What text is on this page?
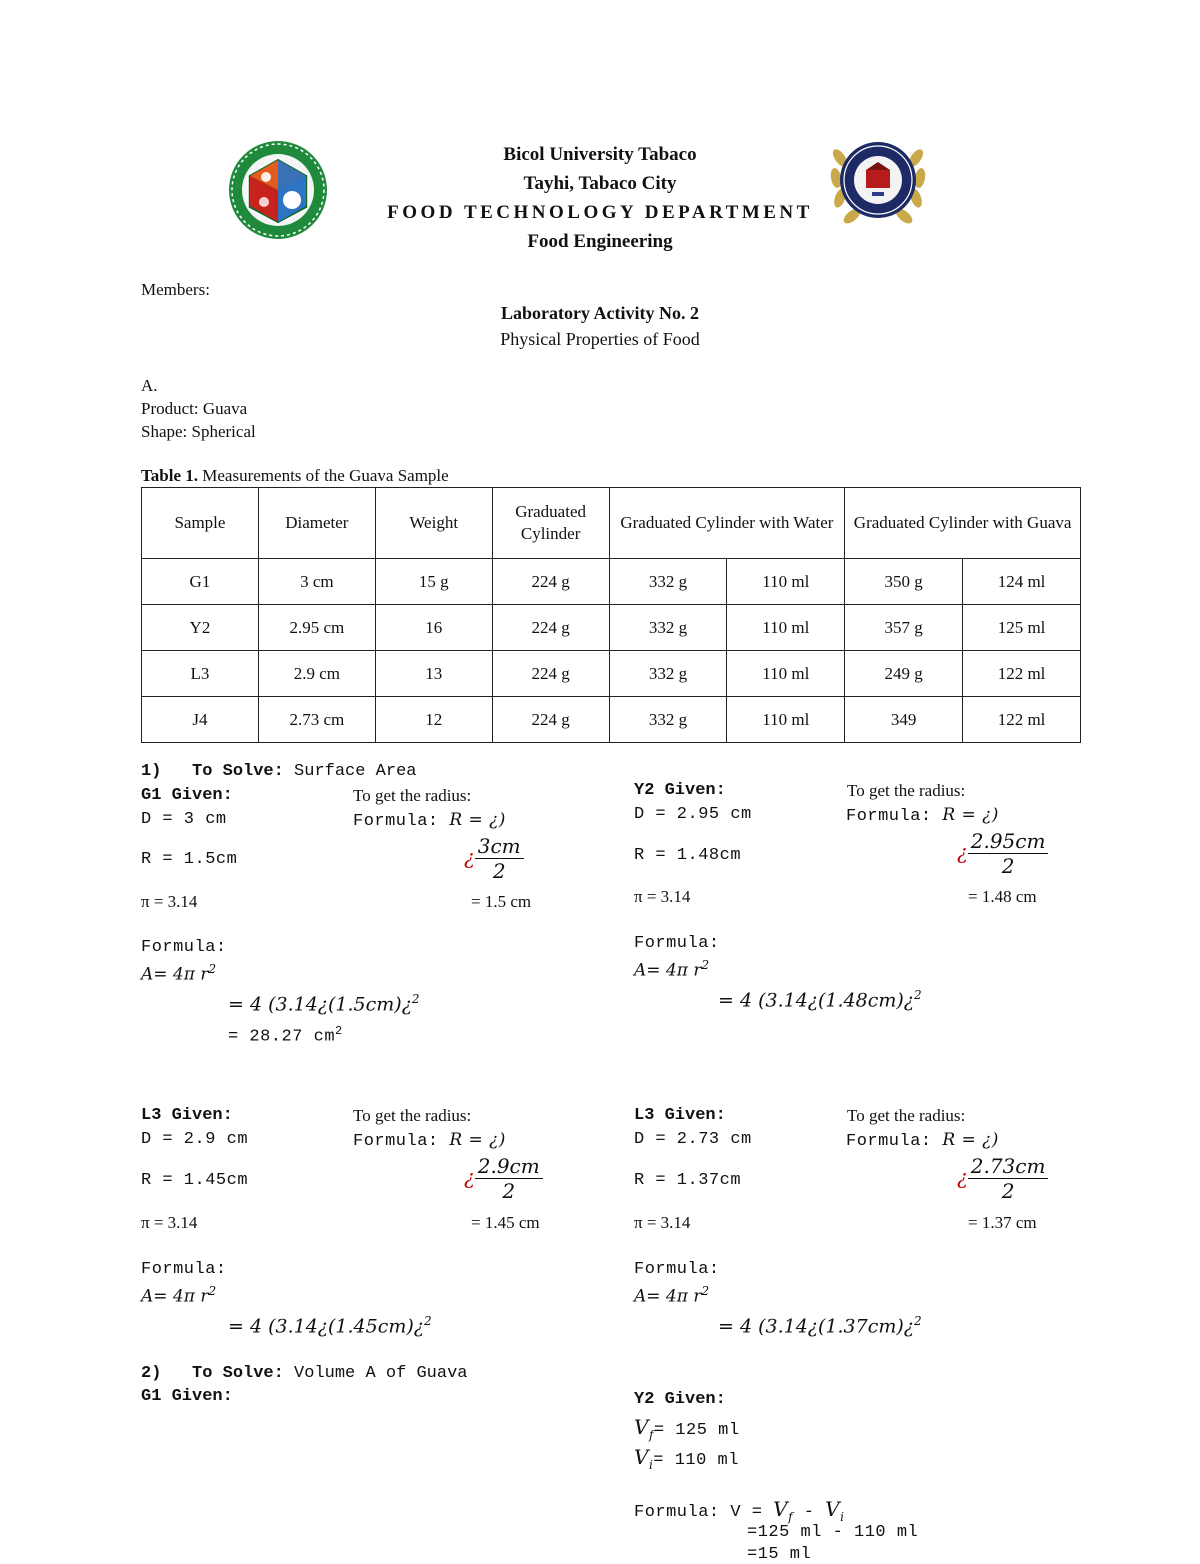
Bicol University Tabaco
Tayhi, Tabaco City
FOOD TECHNOLOGY DEPARTMENT
Food Engineering
Members:
Laboratory Activity No. 2
Physical Properties of Food
A.
Product: Guava
Shape: Spherical
Table 1. Measurements of the Guava Sample
Sample	Diameter	Weight	Graduated Cylinder	Graduated Cylinder with Water		Graduated Cylinder with Guava	
G1	3 cm	15 g	224 g	332 g	110 ml	350 g	124 ml
Y2	2.95 cm	16	224 g	332 g	110 ml	357 g	125 ml
L3	2.9 cm	13	224 g	332 g	110 ml	249 g	122 ml
J4	2.73 cm	12	224 g	332 g	110 ml	349	122 ml
1) To Solve: Surface Area
G1 Given:
D = 3 cm
R = 1.5cm
π = 3.14
To get the radius:
Formula: R = ¿)
¿ $\frac{3cm}{2}$
= 1.5 cm
Formula:
A= 4π $r^2$
= 4 (3.14¿(1.5cm)¿$^2$
= 28.27 $cm^2$
Y2 Given:
D = 2.95 cm
R = 1.48cm
π = 3.14
To get the radius:
Formula: R = ¿)
¿ $\frac{2.95cm}{2}$
= 1.48 cm
Formula:
A= 4π $r^2$
= 4 (3.14¿(1.48cm)¿$^2$
L3 Given:
D = 2.9 cm
R = 1.45cm
π = 3.14
To get the radius:
Formula: R = ¿)
¿ $\frac{2.9cm}{2}$
= 1.45 cm
Formula:
A= 4π $r^2$
= 4 (3.14¿(1.45cm)¿$^2$
L3 Given:
D = 2.73 cm
R = 1.37cm
π = 3.14
To get the radius:
Formula: R = ¿)
¿ $\frac{2.73cm}{2}$
= 1.37 cm
Formula:
A= 4π $r^2$
= 4 (3.14¿(1.37cm)¿$^2$
2) To Solve: Volume A of Guava
G1 Given:	Y2 Given:
$V_f= 125$ ml
$V_i= 110$ ml
Formula: $V = V_f - V_i$
=125 ml - 110 ml
=15 ml
